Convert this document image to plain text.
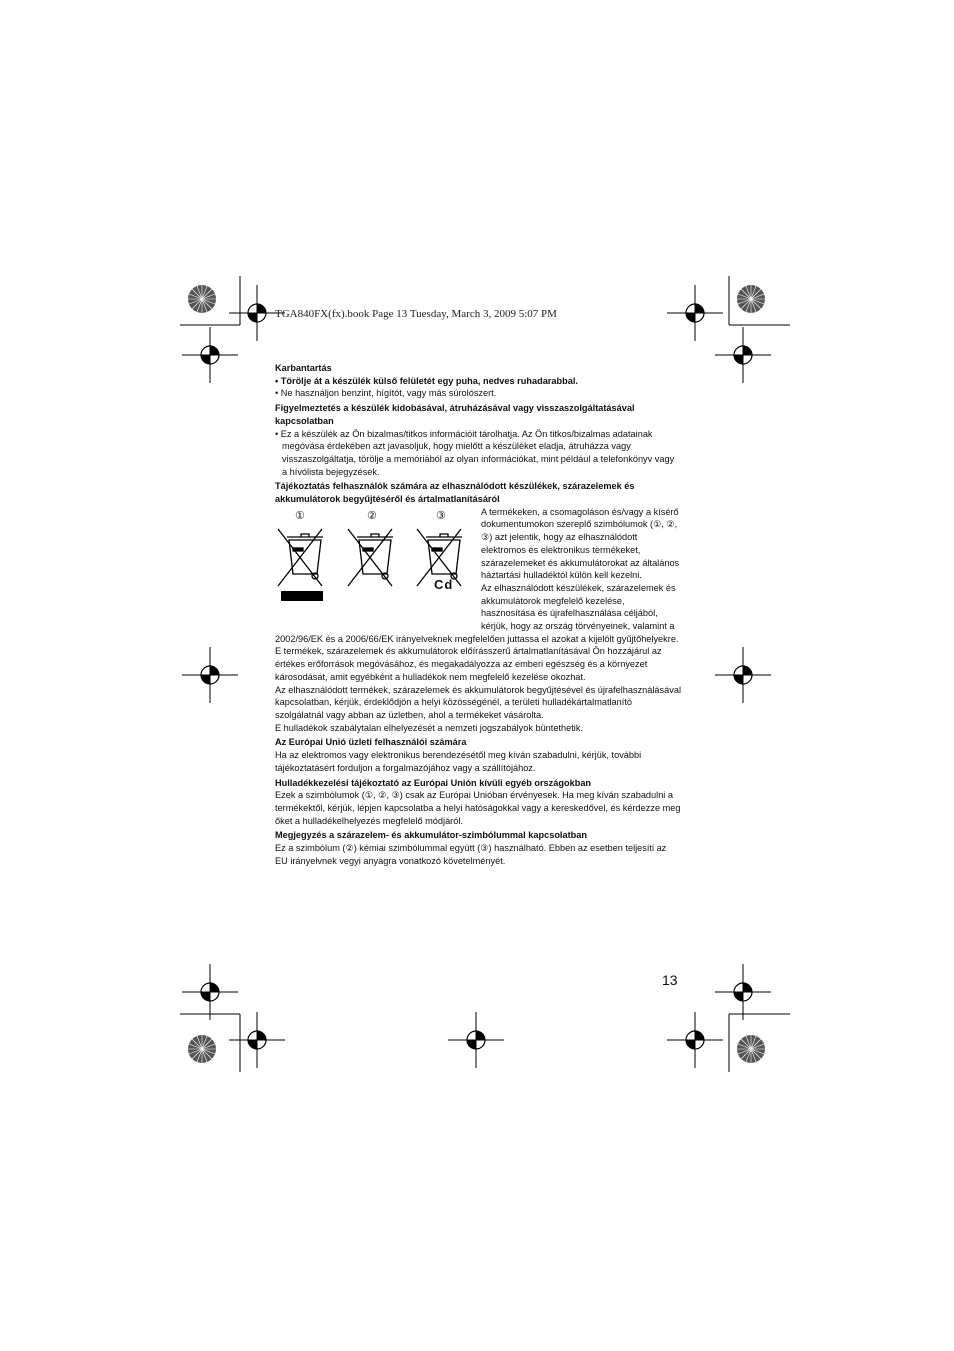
TGA840FX(fx).book Page 13 Tuesday, March 3, 2009 5:07 PM

Karbantartás

• Törölje át a készülék külső felületét egy puha, nedves ruhadarabbal.

• Ne használjon benzint, hígítót, vagy más súrolószert.

Figyelmeztetés a készülék kidobásával, átruházásával vagy visszaszolgáltatásával kapcsolatban

• Ez a készülék az Ön bizalmas/titkos információit tárolhatja. Az Ön titkos/bizalmas adatainak megóvása érdekében azt javasoljuk, hogy mielőtt a készüléket eladja, átruházza vagy visszaszolgáltatja, törölje a memóriából az olyan információkat, mint például a telefonkönyv vagy a hívólista bejegyzések.

Tájékoztatás felhasználók számára az elhasználódott készülékek, szárazelemek és akkumulátorok begyűjtéséről és ártalmatlanításáról

①	②	③
Cd

A termékeken, a csomagoláson és/vagy a kísérő dokumentumokon szereplő szimbólumok (①, ②, ③) azt jelentik, hogy az elhasználódott elektromos és elektronikus termékeket, szárazelemeket és akkumulátorokat az általános háztartási hulladéktól külön kell kezelni.

Az elhasználódott készülékek, szárazelemek és akkumulátorok megfelelő kezelése, hasznosítása és újrafelhasználása céljából, kérjük, hogy az ország törvényeinek, valamint a 2002/96/EK és a 2006/66/EK irányelveknek megfelelően juttassa el azokat a kijelölt gyűjtőhelyekre.

E termékek, szárazelemek és akkumulátorok előírásszerű ártalmatlanításával Ön hozzájárul az értékes erőforrások megóvásához, és megakadályozza az emberi egészség és a környezet károsodását, amit egyébként a hulladékok nem megfelelő kezelése okozhat.

Az elhasználódott termékek, szárazelemek és akkumulátorok begyűjtésével és újrafelhasználásával kapcsolatban, kérjük, érdeklődjön a helyi közösségénél, a területi hulladékártalmatlanító szolgálatnál vagy abban az üzletben, ahol a termékeket vásárolta.

E hulladékok szabálytalan elhelyezését a nemzeti jogszabályok büntethetik.

Az Európai Unió üzleti felhasználói számára

Ha az elektromos vagy elektronikus berendezésétől meg kíván szabadulni, kérjük, további tájékoztatásért forduljon a forgalmazójához vagy a szállítójához.

Hulladékkezelési tájékoztató az Európai Unión kívüli egyéb országokban

Ezek a szimbólumok (①, ②, ③) csak az Európai Unióban érvényesek. Ha meg kíván szabadulni a termékektől, kérjük, lépjen kapcsolatba a helyi hatóságokkal vagy a kereskedővel, és kérdezze meg őket a hulladékelhelyezés megfelelő módjáról.

Megjegyzés a szárazelem- és akkumulátor-szimbólummal kapcsolatban

Ez a szimbólum (②) kémiai szimbólummal együtt (③) használható. Ebben az esetben teljesíti az EU irányelvnek vegyi anyagra vonatkozó követelményét.

13
